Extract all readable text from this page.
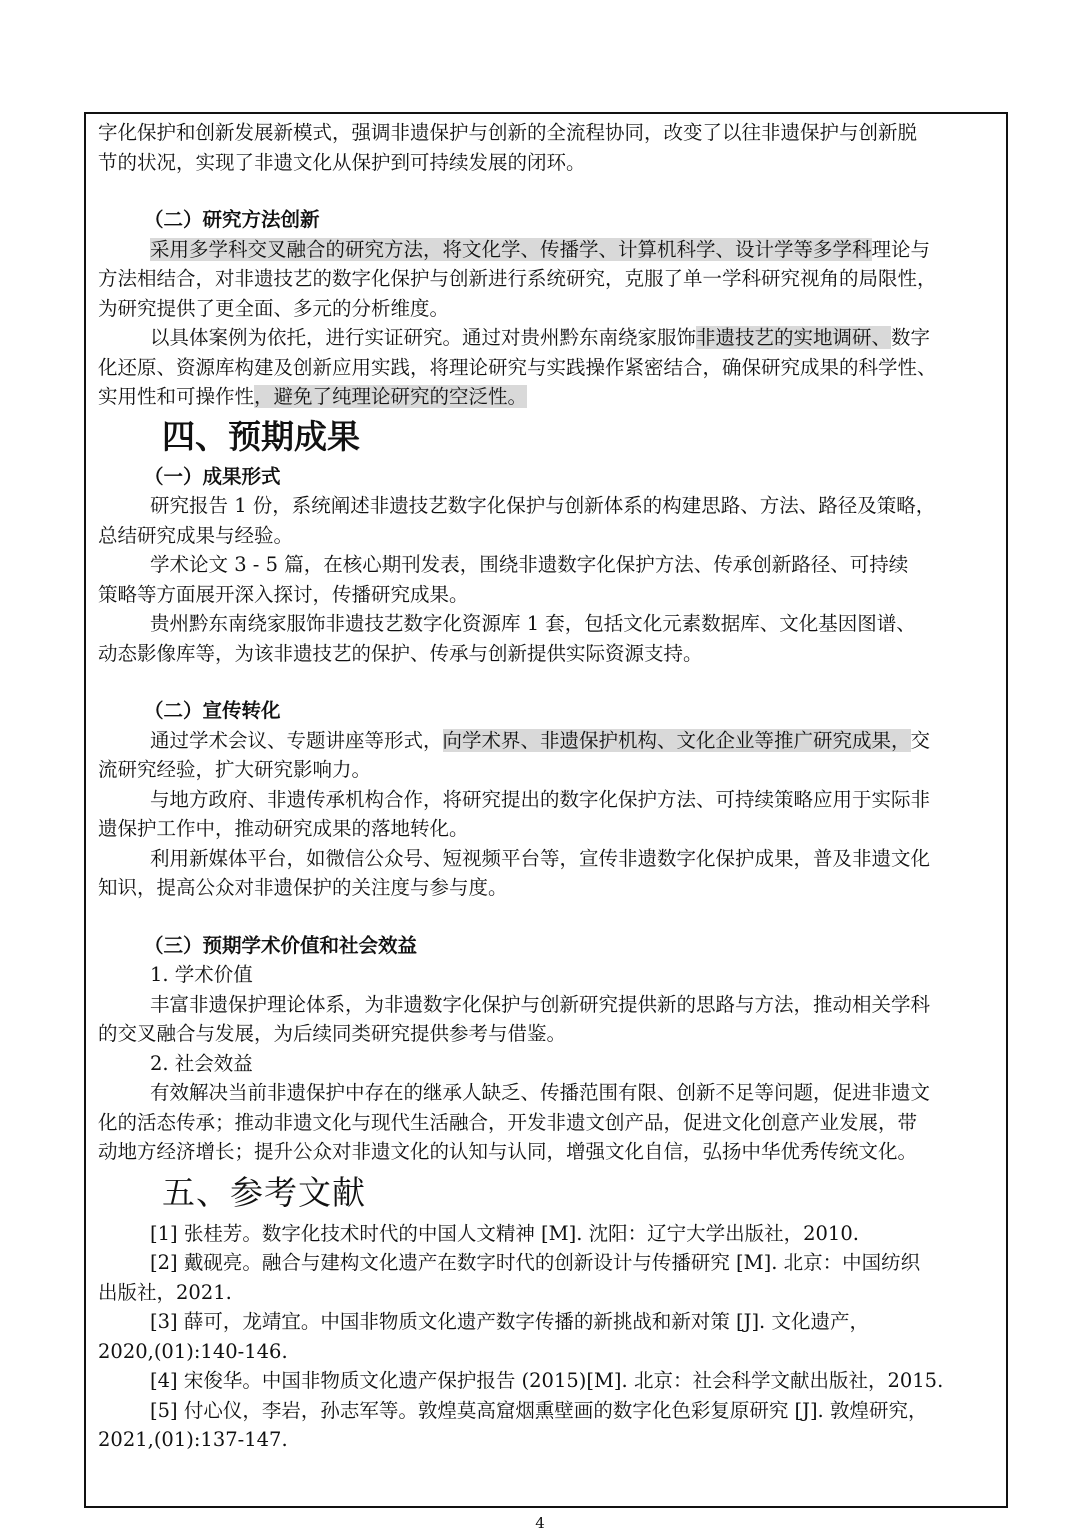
字化保护和创新发展新模式，强调非遗保护与创新的全流程协同，改变了以往非遗保护与创新脱
节的状况，实现了非遗文化从保护到可持续发展的闭环。
（二）研究方法创新
采用多学科交叉融合的研究方法，将文化学、传播学、计算机科学、设计学等多学科理论与
方法相结合，对非遗技艺的数字化保护与创新进行系统研究，克服了单一学科研究视角的局限性，
为研究提供了更全面、多元的分析维度。
以具体案例为依托，进行实证研究。通过对贵州黔东南绕家服饰非遗技艺的实地调研、数字
化还原、资源库构建及创新应用实践，将理论研究与实践操作紧密结合，确保研究成果的科学性、
实用性和可操作性，避免了纯理论研究的空泛性。
四、预期成果
（一）成果形式
研究报告 1 份，系统阐述非遗技艺数字化保护与创新体系的构建思路、方法、路径及策略，
总结研究成果与经验。
学术论文 3 - 5 篇，在核心期刊发表，围绕非遗数字化保护方法、传承创新路径、可持续
策略等方面展开深入探讨，传播研究成果。
贵州黔东南绕家服饰非遗技艺数字化资源库 1 套，包括文化元素数据库、文化基因图谱、
动态影像库等，为该非遗技艺的保护、传承与创新提供实际资源支持。
（二）宣传转化
通过学术会议、专题讲座等形式，向学术界、非遗保护机构、文化企业等推广研究成果，交
流研究经验，扩大研究影响力。
与地方政府、非遗传承机构合作，将研究提出的数字化保护方法、可持续策略应用于实际非
遗保护工作中，推动研究成果的落地转化。
利用新媒体平台，如微信公众号、短视频平台等，宣传非遗数字化保护成果，普及非遗文化
知识，提高公众对非遗保护的关注度与参与度。
（三）预期学术价值和社会效益
1. 学术价值
丰富非遗保护理论体系，为非遗数字化保护与创新研究提供新的思路与方法，推动相关学科
的交叉融合与发展，为后续同类研究提供参考与借鉴。
2. 社会效益
有效解决当前非遗保护中存在的继承人缺乏、传播范围有限、创新不足等问题，促进非遗文
化的活态传承；推动非遗文化与现代生活融合，开发非遗文创产品，促进文化创意产业发展，带
动地方经济增长；提升公众对非遗文化的认知与认同，增强文化自信，弘扬中华优秀传统文化。
五、参考文献
[1] 张桂芳。数字化技术时代的中国人文精神 [M]. 沈阳：辽宁大学出版社，2010.
[2] 戴砚亮。融合与建构文化遗产在数字时代的创新设计与传播研究 [M]. 北京：中国纺织
出版社，2021.
[3] 薛可，龙靖宜。中国非物质文化遗产数字传播的新挑战和新对策 [J]. 文化遗产，
2020,(01):140-146.
[4] 宋俊华。中国非物质文化遗产保护报告 (2015)[M]. 北京：社会科学文献出版社，2015.
[5] 付心仪，李岩，孙志军等。敦煌莫高窟烟熏壁画的数字化色彩复原研究 [J]. 敦煌研究，
2021,(01):137-147.
4
